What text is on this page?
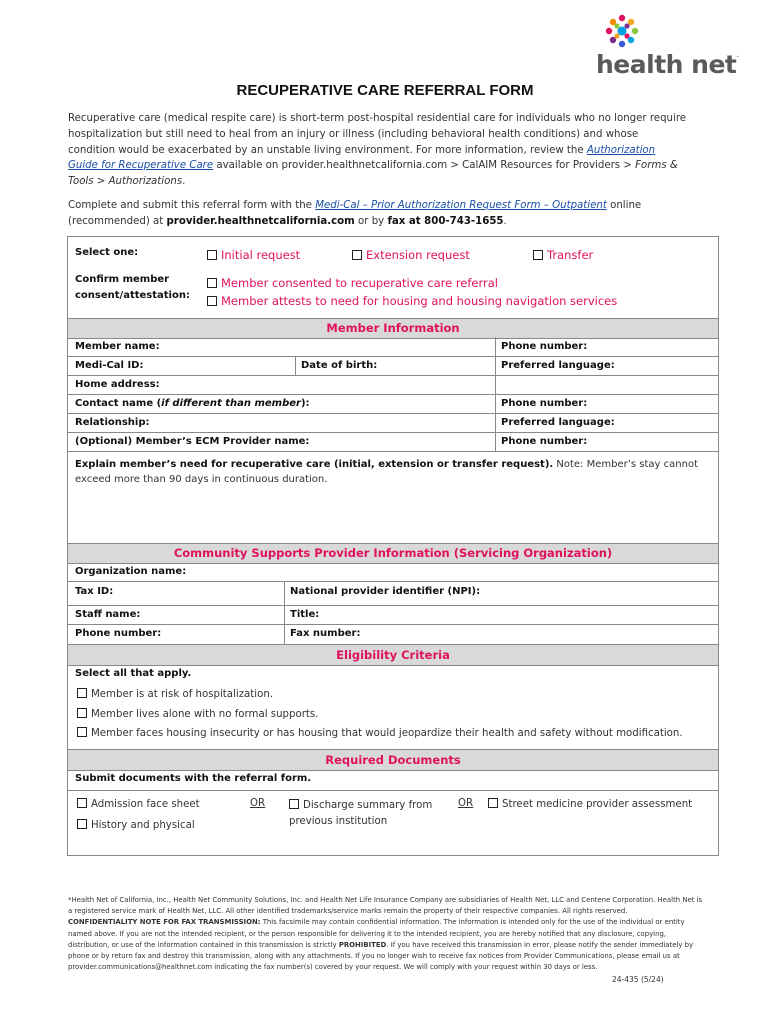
health net.
RECUPERATIVE CARE REFERRAL FORM
Recuperative care (medical respite care) is short-term post-hospital residential care for individuals who no longer require hospitalization but still need to heal from an injury or illness (including behavioral health conditions) and whose condition would be exacerbated by an unstable living environment. For more information, review the Authorization Guide for Recuperative Care available on provider.healthnetcalifornia.com > CalAIM Resources for Providers > Forms & Tools > Authorizations.
Complete and submit this referral form with the Medi-Cal – Prior Authorization Request Form – Outpatient online (recommended) at provider.healthnetcalifornia.com or by fax at 800-743-1655.
Select one:	Initial request	Extension request	Transfer
Confirm member
consent/attestation:
Member consented to recuperative care referral
Member attests to need for housing and housing navigation services
Member Information
Member name:	Phone number:
Medi-Cal ID:	Date of birth:	Preferred language:
Home address:
Contact name (if different than member):	Phone number:
Relationship:	Preferred language:
(Optional) Member’s ECM Provider name:	Phone number:
Explain member’s need for recuperative care (initial, extension or transfer request). Note: Member’s stay cannot exceed more than 90 days in continuous duration.
Community Supports Provider Information (Servicing Organization)
Organization name:
Tax ID:	National provider identifier (NPI):
Staff name:	Title:
Phone number:	Fax number:
Eligibility Criteria
Select all that apply.
Member is at risk of hospitalization.
Member lives alone with no formal supports.
Member faces housing insecurity or has housing that would jeopardize their health and safety without modification.
Required Documents
Submit documents with the referral form.
Admission face sheet
History and physical
OR	Discharge summary from
previous institution
OR	Street medicine provider assessment
*Health Net of California, Inc., Health Net Community Solutions, Inc. and Health Net Life Insurance Company are subsidiaries of Health Net, LLC and Centene Corporation. Health Net is a registered service mark of Health Net, LLC. All other identified trademarks/service marks remain the property of their respective companies. All rights reserved.
CONFIDENTIALITY NOTE FOR FAX TRANSMISSION: This facsimile may contain confidential information. The information is intended only for the use of the individual or entity named above. If you are not the intended recipient, or the person responsible for delivering it to the intended recipient, you are hereby notified that any disclosure, copying, distribution, or use of the information contained in this transmission is strictly PROHIBITED. If you have received this transmission in error, please notify the sender immediately by phone or by return fax and destroy this transmission, along with any attachments. If you no longer wish to receive fax notices from Provider Communications, please email us at provider.communications@healthnet.com indicating the fax number(s) covered by your request. We will comply with your request within 30 days or less.
24-435 (5/24)
